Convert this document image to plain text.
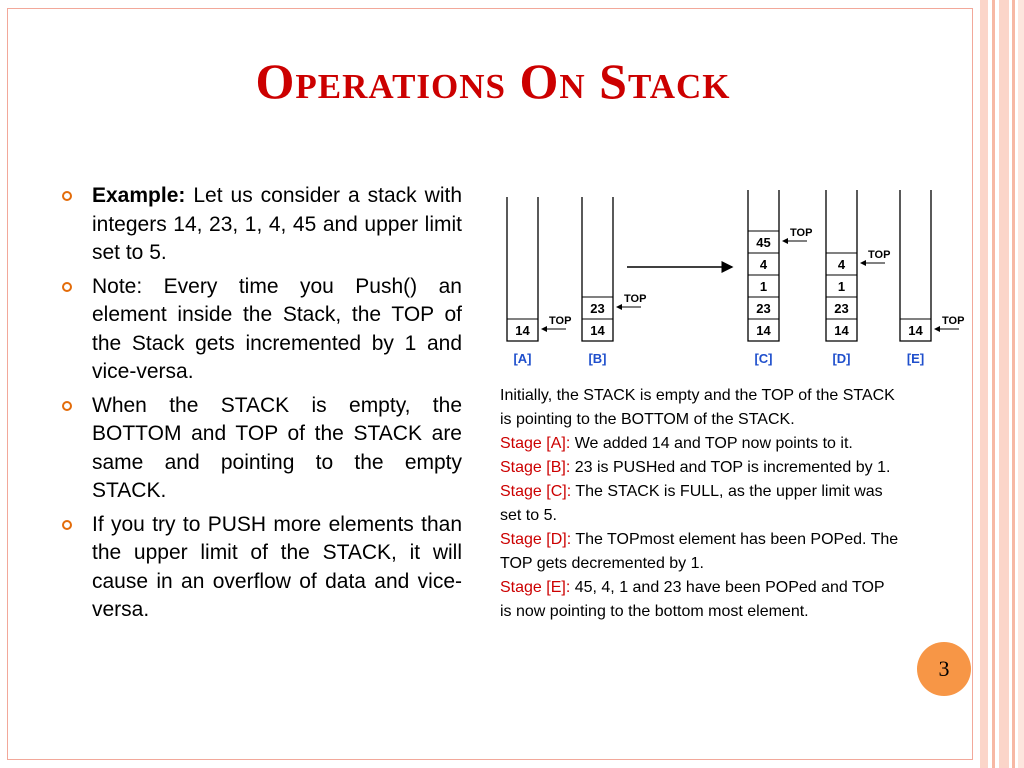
Operations On Stack
Example: Let us consider a stack with integers 14, 23, 1, 4, 45 and upper limit set to 5.
Note: Every time you Push() an element inside the Stack, the TOP of the Stack gets incremented by 1 and vice-versa.
When the STACK is empty, the BOTTOM and TOP of the STACK are same and pointing to the empty STACK.
If you try to PUSH more elements than the upper limit of the STACK, it will cause in an overflow of data and vice-versa.
14
TOP
[A]
23
14
TOP
[B]
45
4
1
23
14
TOP
[C]
4
1
23
14
TOP
[D]
14
TOP
[E]

Initially, the STACK is empty and the TOP of the STACK is pointing to the BOTTOM of the STACK.

Stage [A]: We added 14 and TOP now points to it.

Stage [B]: 23 is PUSHed and TOP is incremented by 1.

Stage [C]: The STACK is FULL, as the upper limit was set to 5.

Stage [D]: The TOPmost element has been POPed. The TOP gets decremented by 1.

Stage [E]: 45, 4, 1 and 23 have been POPed and TOP is now pointing to the bottom most element.

3
